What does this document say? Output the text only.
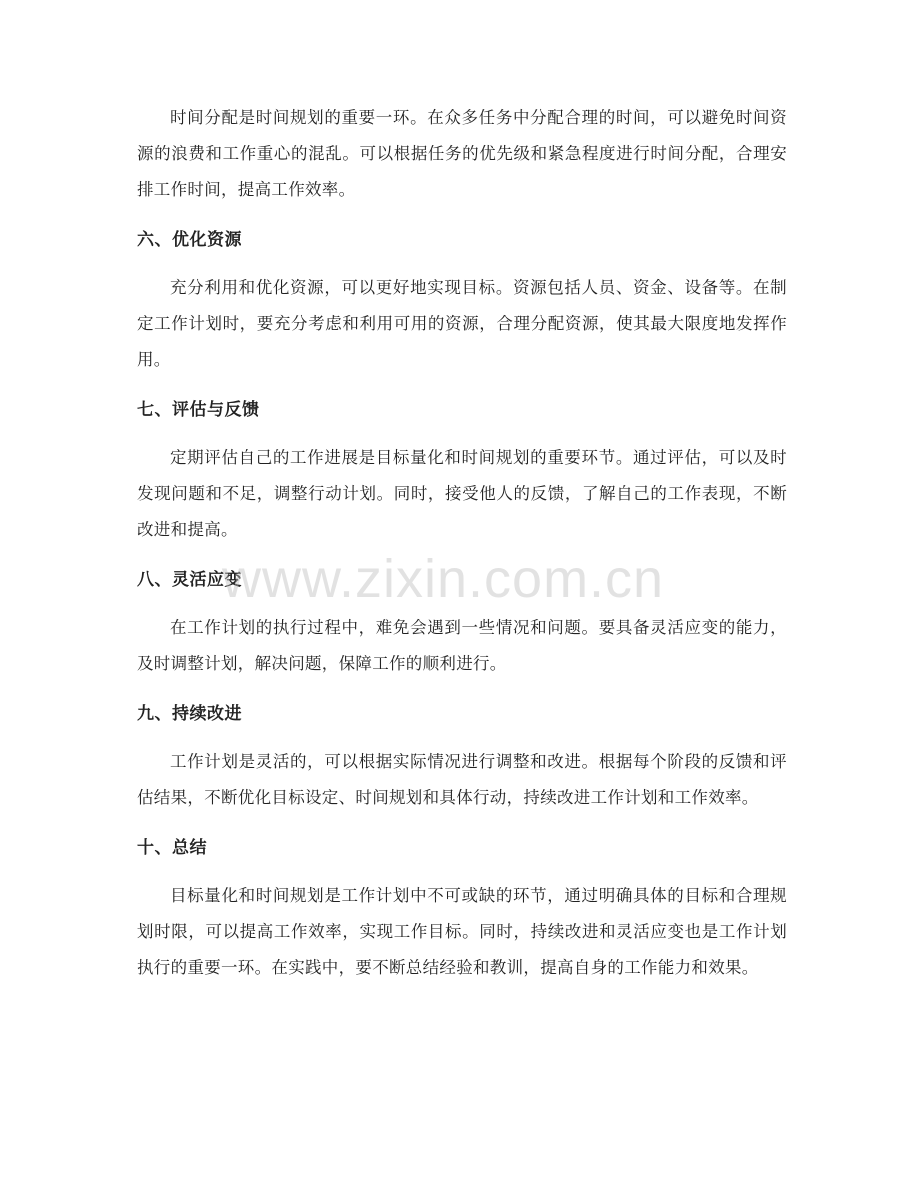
时间分配是时间规划的重要一环。在众多任务中分配合理的时间，可以避免时间资源的浪费和工作重心的混乱。可以根据任务的优先级和紧急程度进行时间分配，合理安排工作时间，提高工作效率。

六、优化资源

充分利用和优化资源，可以更好地实现目标。资源包括人员、资金、设备等。在制定工作计划时，要充分考虑和利用可用的资源，合理分配资源，使其最大限度地发挥作用。

七、评估与反馈

定期评估自己的工作进展是目标量化和时间规划的重要环节。通过评估，可以及时发现问题和不足，调整行动计划。同时，接受他人的反馈，了解自己的工作表现，不断改进和提高。

八、灵活应变

在工作计划的执行过程中，难免会遇到一些情况和问题。要具备灵活应变的能力，及时调整计划，解决问题，保障工作的顺利进行。

九、持续改进

工作计划是灵活的，可以根据实际情况进行调整和改进。根据每个阶段的反馈和评估结果，不断优化目标设定、时间规划和具体行动，持续改进工作计划和工作效率。

十、总结

目标量化和时间规划是工作计划中不可或缺的环节，通过明确具体的目标和合理规划时限，可以提高工作效率，实现工作目标。同时，持续改进和灵活应变也是工作计划执行的重要一环。在实践中，要不断总结经验和教训，提高自身的工作能力和效果。

www.zixin.com.cn
